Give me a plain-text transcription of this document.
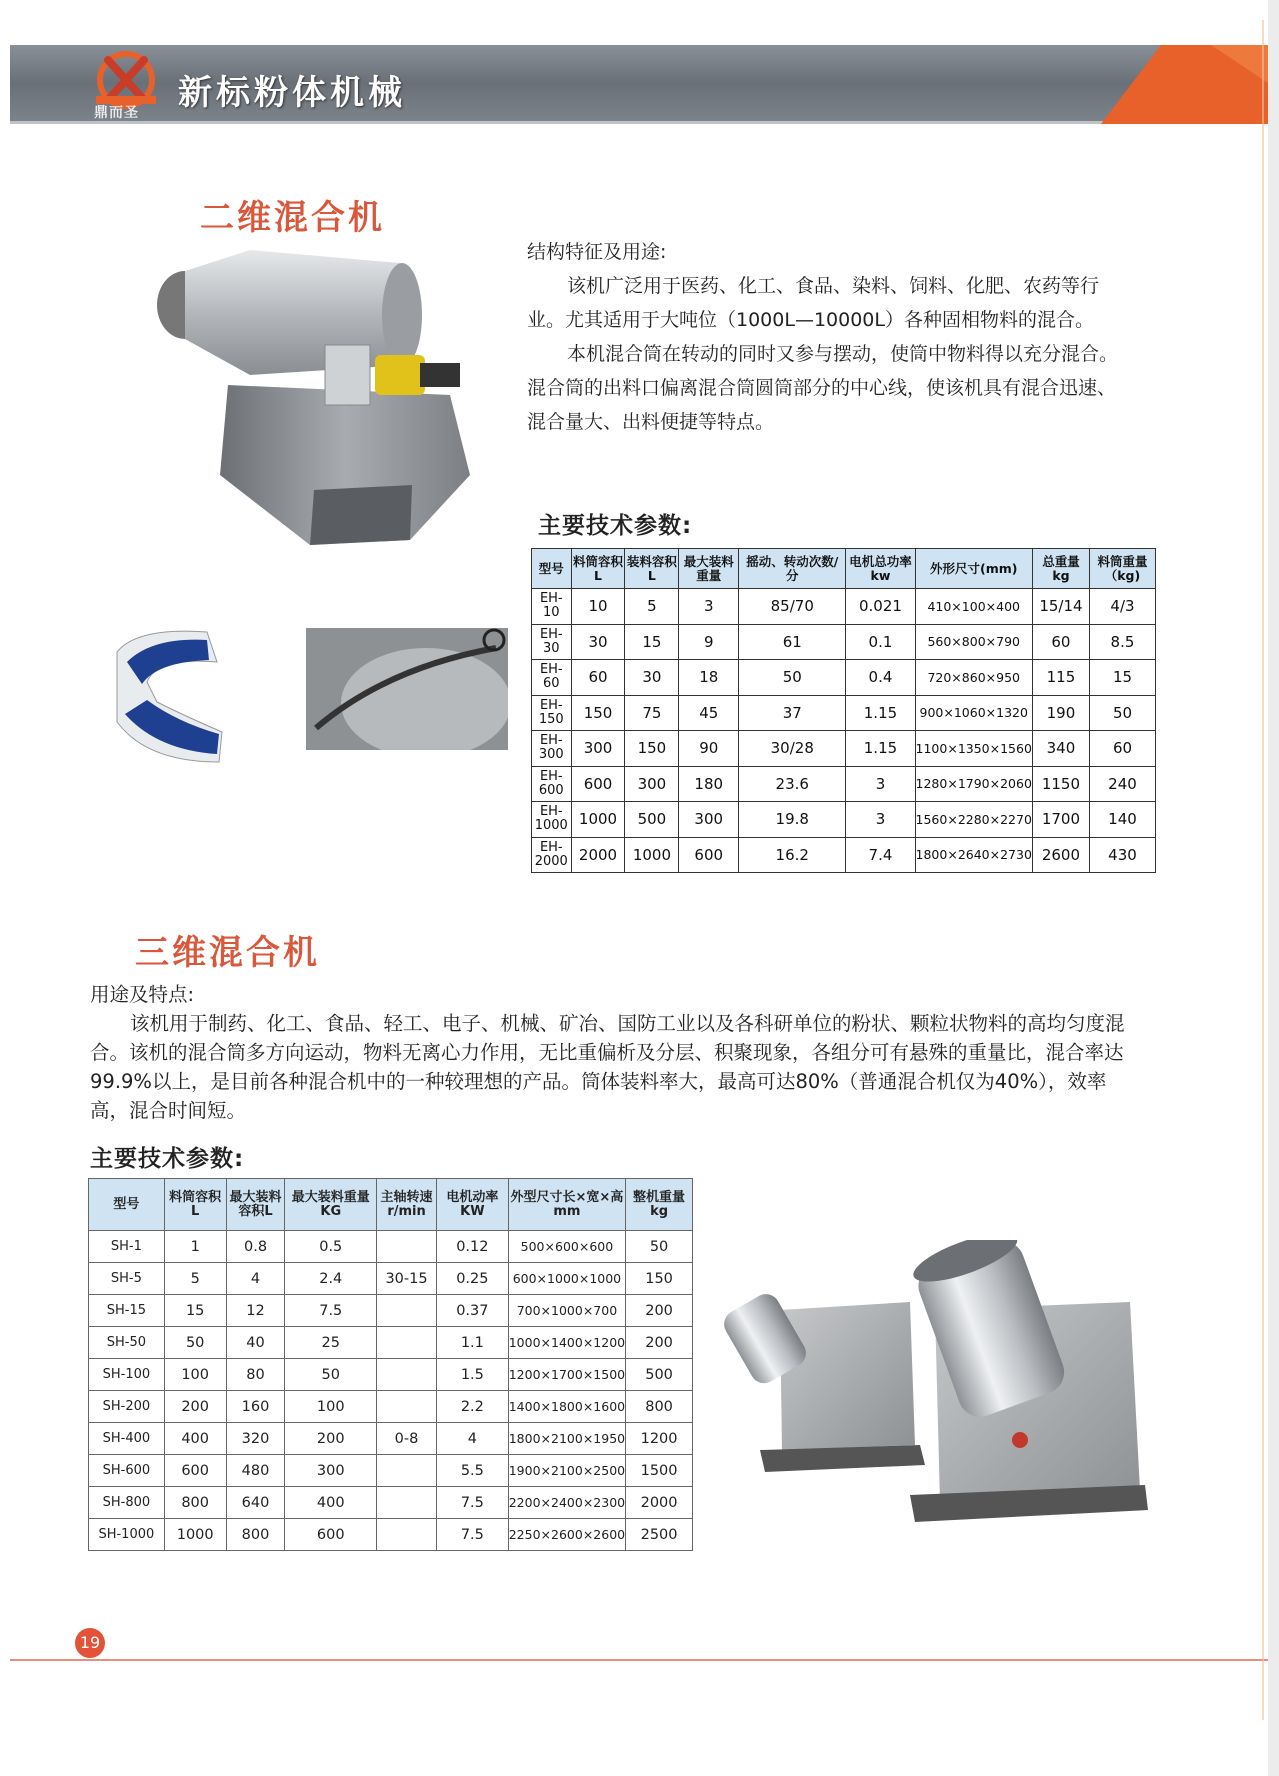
鼎而圣 新标粉体机械
二维混合机

结构特征及用途:

该机广泛用于医药、化工、食品、染料、饲料、化肥、农药等行业。尤其适用于大吨位（1000L—10000L）各种固相物料的混合。

本机混合筒在转动的同时又参与摆动，使筒中物料得以充分混合。混合筒的出料口偏离混合筒圆筒部分的中心线，使该机具有混合迅速、混合量大、出料便捷等特点。

主要技术参数:
型号	料筒容积L	装料容积L	最大装料重量	摇动、转动次数/分	电机总功率kw	外形尺寸(mm)	总重量kg	料筒重量（kg)
EH-10	10	5	3	85/70	0.021	410×100×400	15/14	4/3
EH-30	30	15	9	61	0.1	560×800×790	60	8.5
EH-60	60	30	18	50	0.4	720×860×950	115	15
EH-150	150	75	45	37	1.15	900×1060×1320	190	50
EH-300	300	150	90	30/28	1.15	1100×1350×1560	340	60
EH-600	600	300	180	23.6	3	1280×1790×2060	1150	240
EH-1000	1000	500	300	19.8	3	1560×2280×2270	1700	140
EH-2000	2000	1000	600	16.2	7.4	1800×2640×2730	2600	430
三维混合机

用途及特点:

该机用于制药、化工、食品、轻工、电子、机械、矿冶、国防工业以及各科研单位的粉状、颗粒状物料的高均匀度混合。该机的混合筒多方向运动，物料无离心力作用，无比重偏析及分层、积聚现象，各组分可有悬殊的重量比，混合率达99.9%以上，是目前各种混合机中的一种较理想的产品。筒体装料率大，最高可达80%（普通混合机仅为40%），效率高，混合时间短。

主要技术参数:
型号	料筒容积L	最大装料容积L	最大装料重量KG	主轴转速r/min	电机动率KW	外型尺寸长×宽×高mm	整机重量kg
SH-1	1	0.8	0.5		0.12	500×600×600	50
SH-5	5	4	2.4	30-15	0.25	600×1000×1000	150
SH-15	15	12	7.5		0.37	700×1000×700	200
SH-50	50	40	25		1.1	1000×1400×1200	200
SH-100	100	80	50		1.5	1200×1700×1500	500
SH-200	200	160	100		2.2	1400×1800×1600	800
SH-400	400	320	200	0-8	4	1800×2100×1950	1200
SH-600	600	480	300		5.5	1900×2100×2500	1500
SH-800	800	640	400		7.5	2200×2400×2300	2000
SH-1000	1000	800	600		7.5	2250×2600×2600	2500
19
